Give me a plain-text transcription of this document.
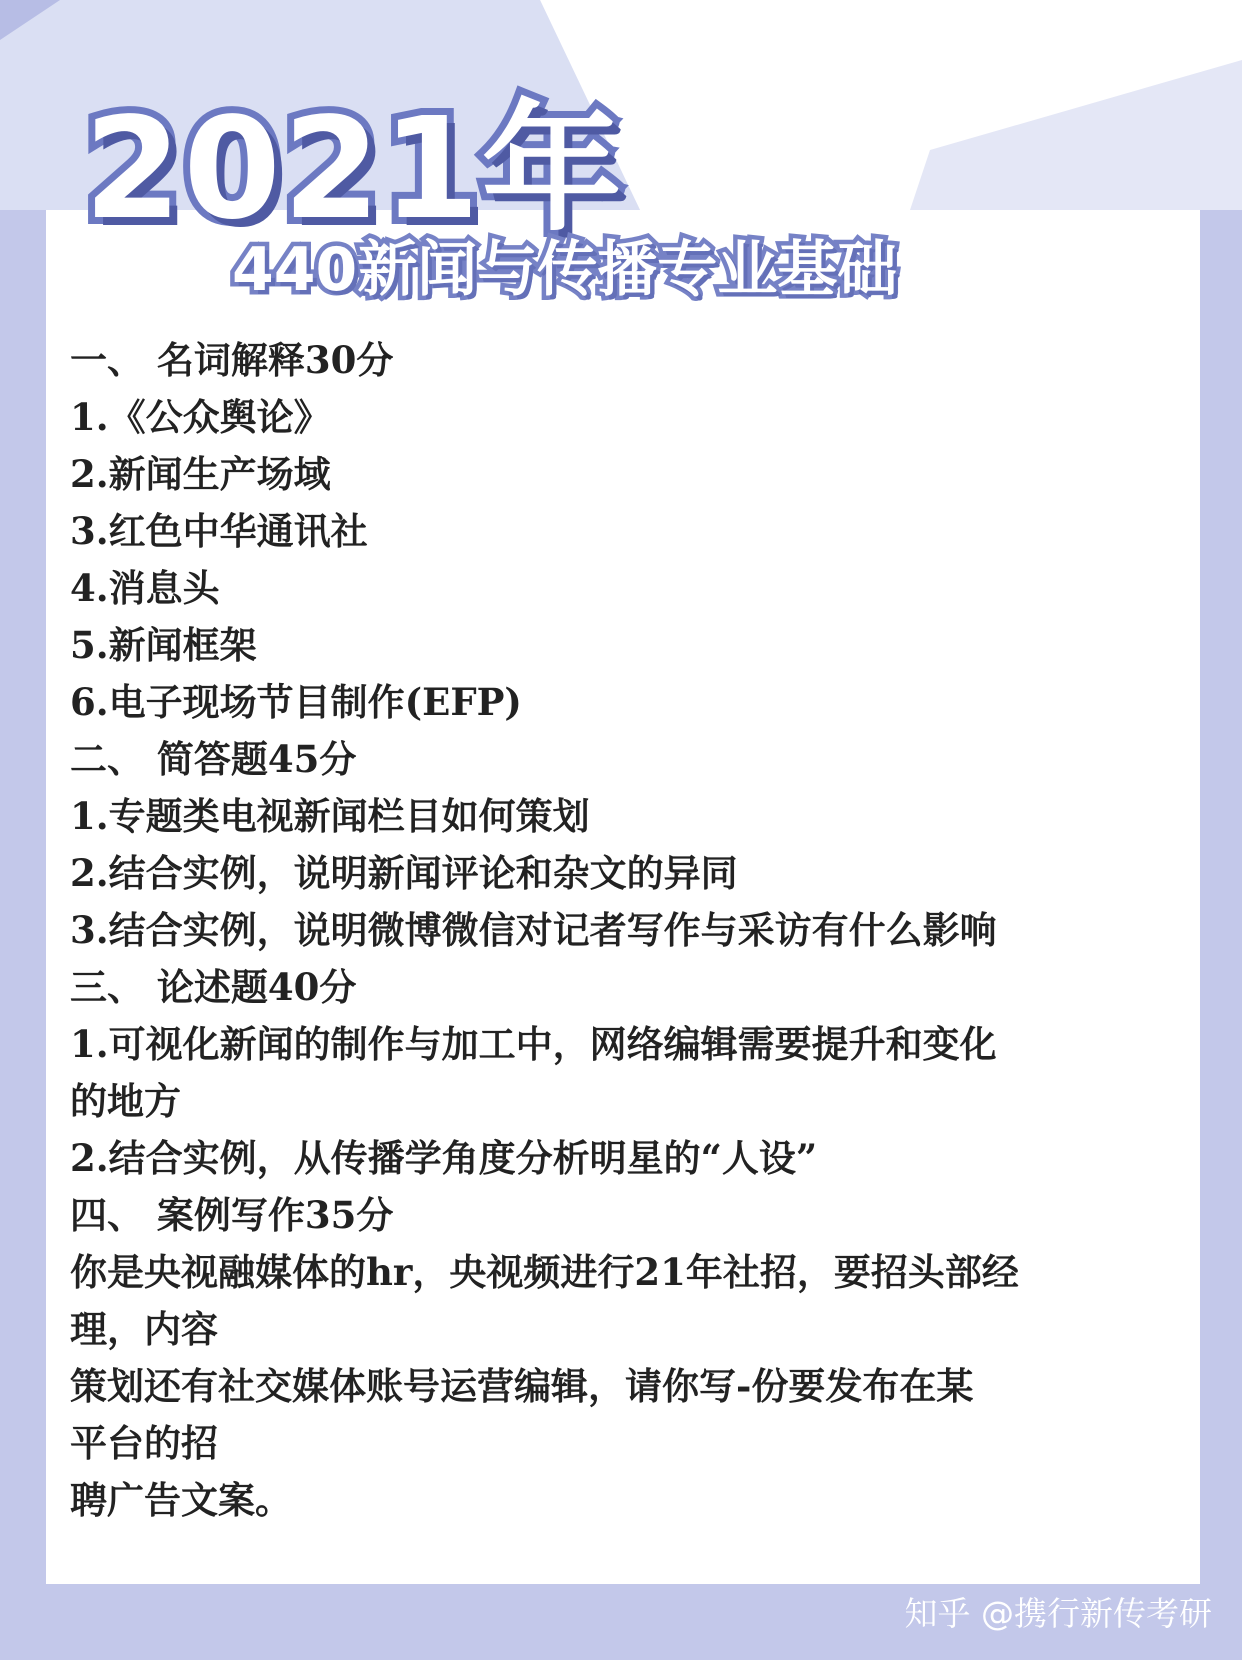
2021年
440新闻与传播专业基础
一、 名词解释30分
1.《公众舆论》
2.新闻生产场域
3.红色中华通讯社
4.消息头
5.新闻框架
6.电子现场节目制作(EFP)
二、 简答题45分
1.专题类电视新闻栏目如何策划
2.结合实例，说明新闻评论和杂文的异同
3.结合实例，说明微博微信对记者写作与采访有什么影响
三、 论述题40分
1.可视化新闻的制作与加工中，网络编辑需要提升和变化
的地方
2.结合实例，从传播学角度分析明星的“人设”
四、 案例写作35分
你是央视融媒体的hr，央视频进行21年社招，要招头部经
理，内容
策划还有社交媒体账号运营编辑，请你写-份要发布在某
平台的招
聘广告文案。
知乎 @携行新传考研
